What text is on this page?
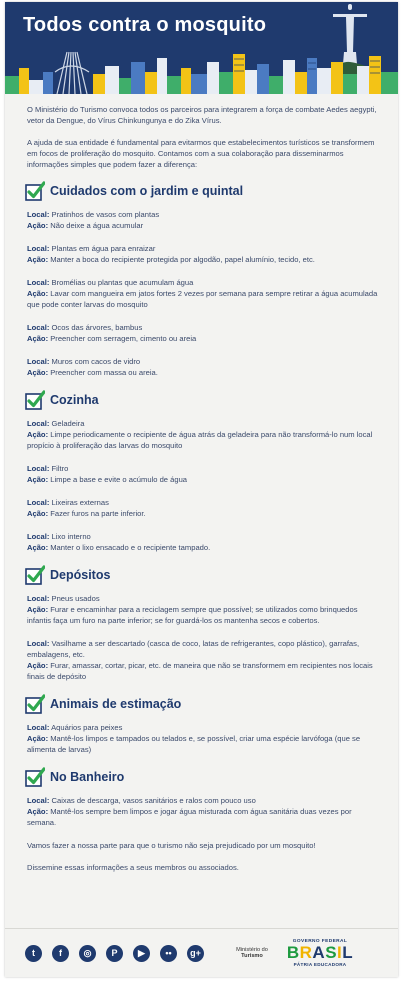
Todos contra o mosquito

O Ministério do Turismo convoca todos os parceiros para integrarem a força de combate Aedes aegypti, vetor da Dengue, do Vírus Chinkungunya e do Zika Vírus.

A ajuda de sua entidade é fundamental para evitarmos que estabelecimentos turísticos se transformem em focos de proliferação do mosquito. Contamos com a sua colaboração para disseminarmos informações simples que podem fazer a diferença:

Cuidados com o jardim e quintal

Local: Pratinhos de vasos com plantas

Ação: Não deixe a água acumular

Local: Plantas em água para enraizar

Ação: Manter a boca do recipiente protegida por algodão, papel alumínio, tecido, etc.

Local: Bromélias ou plantas que acumulam água

Ação: Lavar com mangueira em jatos fortes 2 vezes por semana para sempre retirar a água acumulada que pode conter larvas do mosquito

Local: Ocos das árvores, bambus

Ação: Preencher com serragem, cimento ou areia

Local: Muros com cacos de vidro

Ação: Preencher com massa ou areia.

Cozinha

Local: Geladeira

Ação: Limpe periodicamente o recipiente de água atrás da geladeira para não transformá-lo num local propício à proliferação das larvas do mosquito

Local: Filtro

Ação: Limpe a base e evite o acúmulo de água

Local: Lixeiras externas

Ação: Fazer furos na parte inferior.

Local: Lixo interno

Ação: Manter o lixo ensacado e o recipiente tampado.

Depósitos

Local: Pneus usados

Ação: Furar e encaminhar para a reciclagem sempre que possível; se utilizados como brinquedos infantis faça um furo na parte inferior; se for guardá-los os mantenha secos e cobertos.

Local: Vasilhame a ser descartado (casca de coco, latas de refrigerantes, copo plástico), garrafas, embalagens, etc.

Ação: Furar, amassar, cortar, picar, etc. de maneira que não se transformem em recipientes nos locais finais de depósito

Animais de estimação

Local: Aquários para peixes

Ação: Mantê-los limpos e tampados ou telados e, se possível, criar uma espécie larvófoga (que se alimenta de larvas)

No Banheiro

Local: Caixas de descarga, vasos sanitários e ralos com pouco uso

Ação: Mantê-los sempre bem limpos e jogar água misturada com água sanitária duas vezes por semana.

Vamos fazer a nossa parte para que o turismo não seja prejudicado por um mosquito!

Dissemine essas informações a seus membros ou associados.

t	f	◎	P	▶	••	g+	Ministério do
Turismo
GOVERNO FEDERAL
BRASIL
PÁTRIA EDUCADORA
